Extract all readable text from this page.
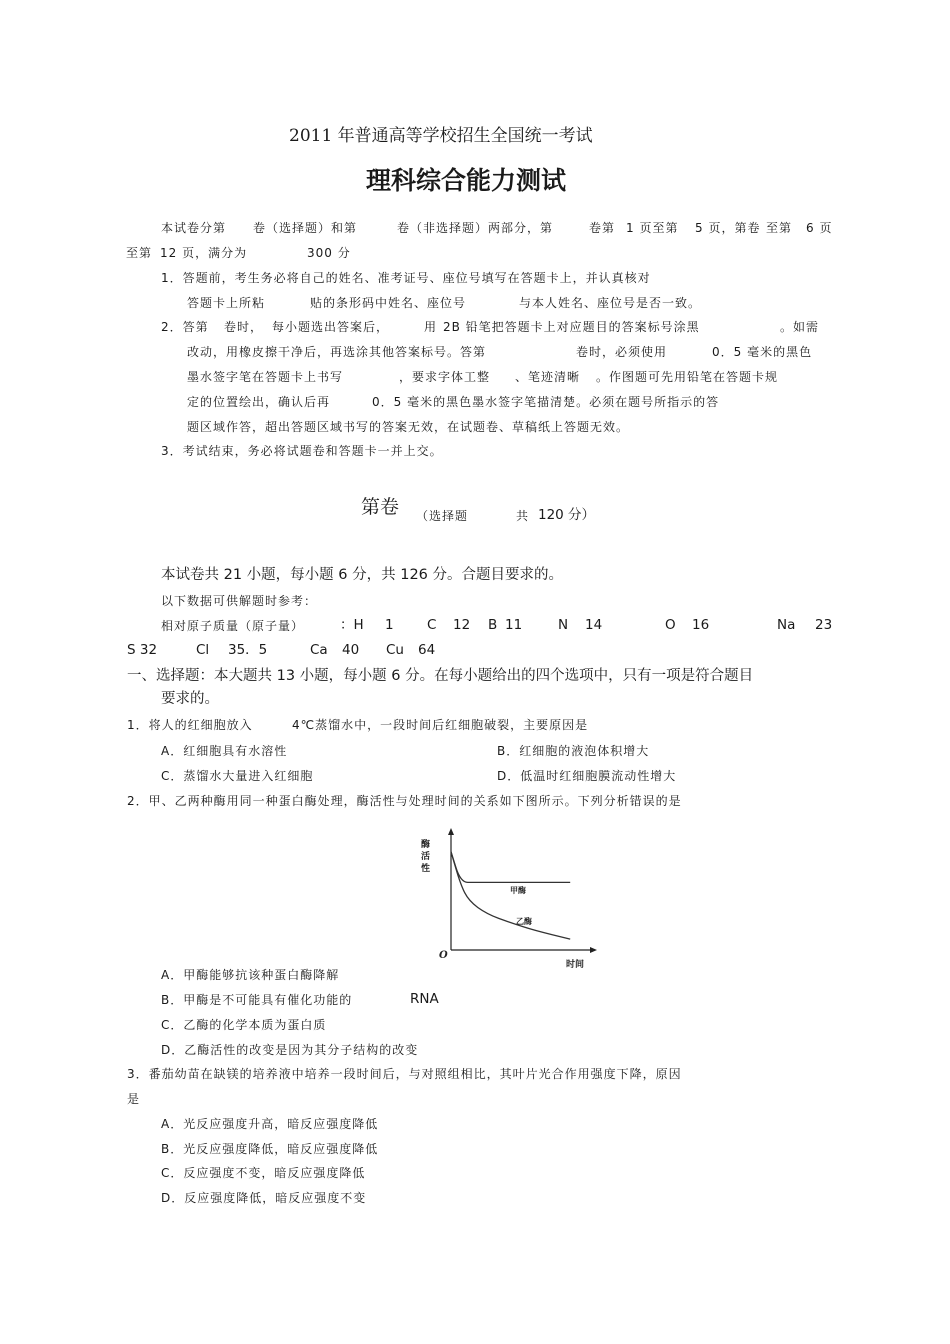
2011 年普通高等学校招生全国统一考试
理科综合能力测试
本试卷分第 卷（选择题）和第	卷（非选择题）两部分，第	卷第 1 页至第 5 页，第卷 至第 6 页
至第 12 页，满分为	300 分
1．答题前，考生务必将自己的姓名、准考证号、座位号填写在答题卡上，并认真核对
答题卡上所粘	贴的条形码中姓名、座位号	与本人姓名、座位号是否一致。
2．答第 卷时， 每小题选出答案后，	用 2B 铅笔把答题卡上对应题目的答案标号涂黑	。如需
改动，用橡皮擦干净后，再选涂其他答案标号。答第	卷时，必须使用	0．5 毫米的黑色
墨水签字笔在答题卡上书写	，要求字体工整 、笔迹清晰 。作图题可先用铅笔在答题卡规
定的位置绘出，确认后再	0．5 毫米的黑色墨水签字笔描清楚。必须在题号所指示的答
题区域作答，超出答题区域书写的答案无效，在试题卷、草稿纸上答题无效。
3．考试结束，务必将试题卷和答题卡一并上交。
第卷 （选择题	共 120 分）
本试卷共 21 小题，每小题 6 分，共 126 分。合题目要求的。
以下数据可供解题时参考：
相对原子质量（原子量）	：H 1 C 12 B 11	N 14	O 16	Na 23
S 32	Cl 35．5	Ca 40 Cu 64
一、选择题：本大题共 13 小题，每小题 6 分。在每小题给出的四个选项中，只有一项是符合题目
要求的。
1．将人的红细胞放入	4℃蒸馏水中，一段时间后红细胞破裂，主要原因是
A．红细胞具有水溶性	B．红细胞的液泡体积增大
C．蒸馏水大量进入红细胞	D．低温时红细胞膜流动性增大
2．甲、乙两种酶用同一种蛋白酶处理，酶活性与处理时间的关系如下图所示。下列分析错误的是
酶
活
性
O
时间
甲酶
乙酶
A．甲酶能够抗该种蛋白酶降解
B．甲酶是不可能具有催化功能的	RNA
C．乙酶的化学本质为蛋白质
D．乙酶活性的改变是因为其分子结构的改变
3．番茄幼苗在缺镁的培养液中培养一段时间后，与对照组相比，其叶片光合作用强度下降，原因
是
A．光反应强度升高，暗反应强度降低
B．光反应强度降低，暗反应强度降低
C．反应强度不变，暗反应强度降低
D．反应强度降低，暗反应强度不变
